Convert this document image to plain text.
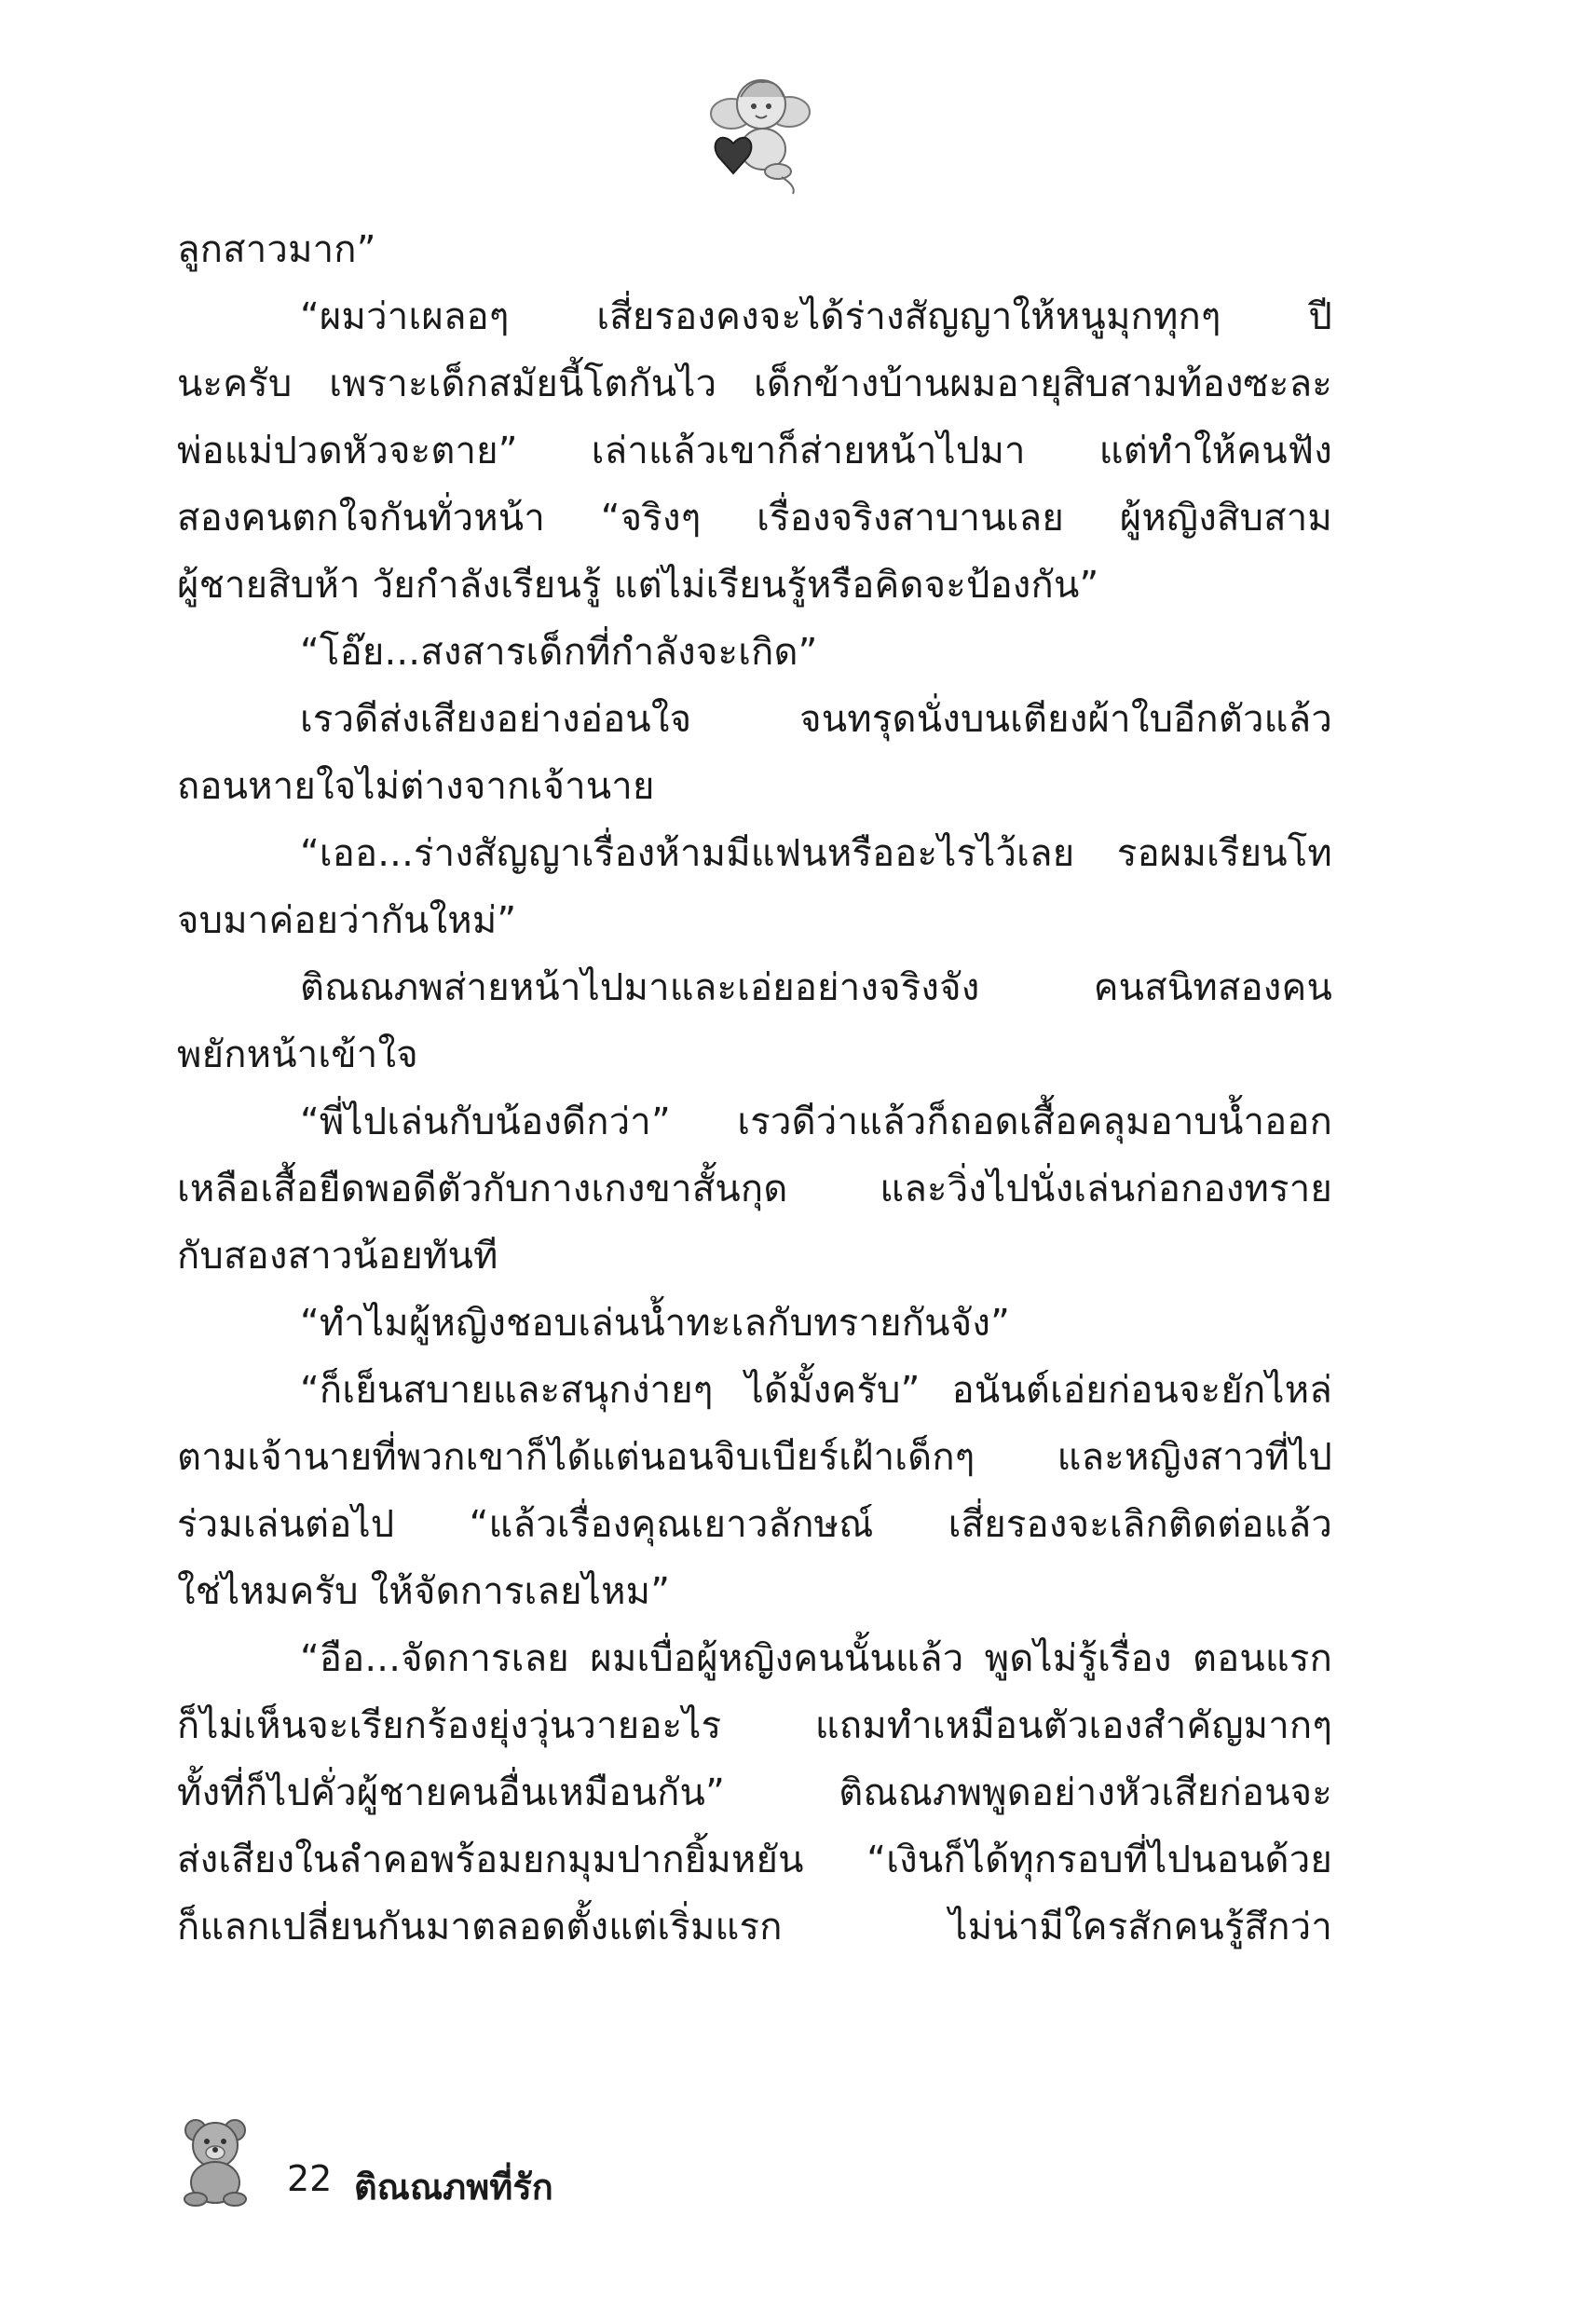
ลูกสาวมาก”
“ผมว่าเผลอๆ เสี่ยรองคงจะได้ร่างสัญญาให้หนูมุกทุกๆ ปี
นะครับ เพราะเด็กสมัยนี้โตกันไว เด็กข้างบ้านผมอายุสิบสามท้องซะละ
พ่อแม่ปวดหัวจะตาย” เล่าแล้วเขาก็ส่ายหน้าไปมา แต่ทำให้คนฟัง
สองคนตกใจกันทั่วหน้า “จริงๆ เรื่องจริงสาบานเลย ผู้หญิงสิบสาม
ผู้ชายสิบห้า วัยกำลังเรียนรู้ แต่ไม่เรียนรู้หรือคิดจะป้องกัน”
“โอ๊ย...สงสารเด็กที่กำลังจะเกิด”
เรวดีส่งเสียงอย่างอ่อนใจ จนทรุดนั่งบนเตียงผ้าใบอีกตัวแล้ว
ถอนหายใจไม่ต่างจากเจ้านาย
“เออ...ร่างสัญญาเรื่องห้ามมีแฟนหรืออะไรไว้เลย รอผมเรียนโท
จบมาค่อยว่ากันใหม่”
ติณณภพส่ายหน้าไปมาและเอ่ยอย่างจริงจัง คนสนิทสองคน
พยักหน้าเข้าใจ
“พี่ไปเล่นกับน้องดีกว่า” เรวดีว่าแล้วก็ถอดเสื้อคลุมอาบน้ำออก
เหลือเสื้อยืดพอดีตัวกับกางเกงขาสั้นกุด และวิ่งไปนั่งเล่นก่อกองทราย
กับสองสาวน้อยทันที
“ทำไมผู้หญิงชอบเล่นน้ำทะเลกับทรายกันจัง”
“ก็เย็นสบายและสนุกง่ายๆ ได้มั้งครับ” อนันต์เอ่ยก่อนจะยักไหล่
ตามเจ้านายที่พวกเขาก็ได้แต่นอนจิบเบียร์เฝ้าเด็กๆ และหญิงสาวที่ไป
ร่วมเล่นต่อไป “แล้วเรื่องคุณเยาวลักษณ์ เสี่ยรองจะเลิกติดต่อแล้ว
ใช่ไหมครับ ให้จัดการเลยไหม”
“อือ...จัดการเลย ผมเบื่อผู้หญิงคนนั้นแล้ว พูดไม่รู้เรื่อง ตอนแรก
ก็ไม่เห็นจะเรียกร้องยุ่งวุ่นวายอะไร แถมทำเหมือนตัวเองสำคัญมากๆ
ทั้งที่ก็ไปคั่วผู้ชายคนอื่นเหมือนกัน” ติณณภพพูดอย่างหัวเสียก่อนจะ
ส่งเสียงในลำคอพร้อมยกมุมปากยิ้มหยัน “เงินก็ได้ทุกรอบที่ไปนอนด้วย
ก็แลกเปลี่ยนกันมาตลอดตั้งแต่เริ่มแรก ไม่น่ามีใครสักคนรู้สึกว่า
22 ติณณภพที่รัก
